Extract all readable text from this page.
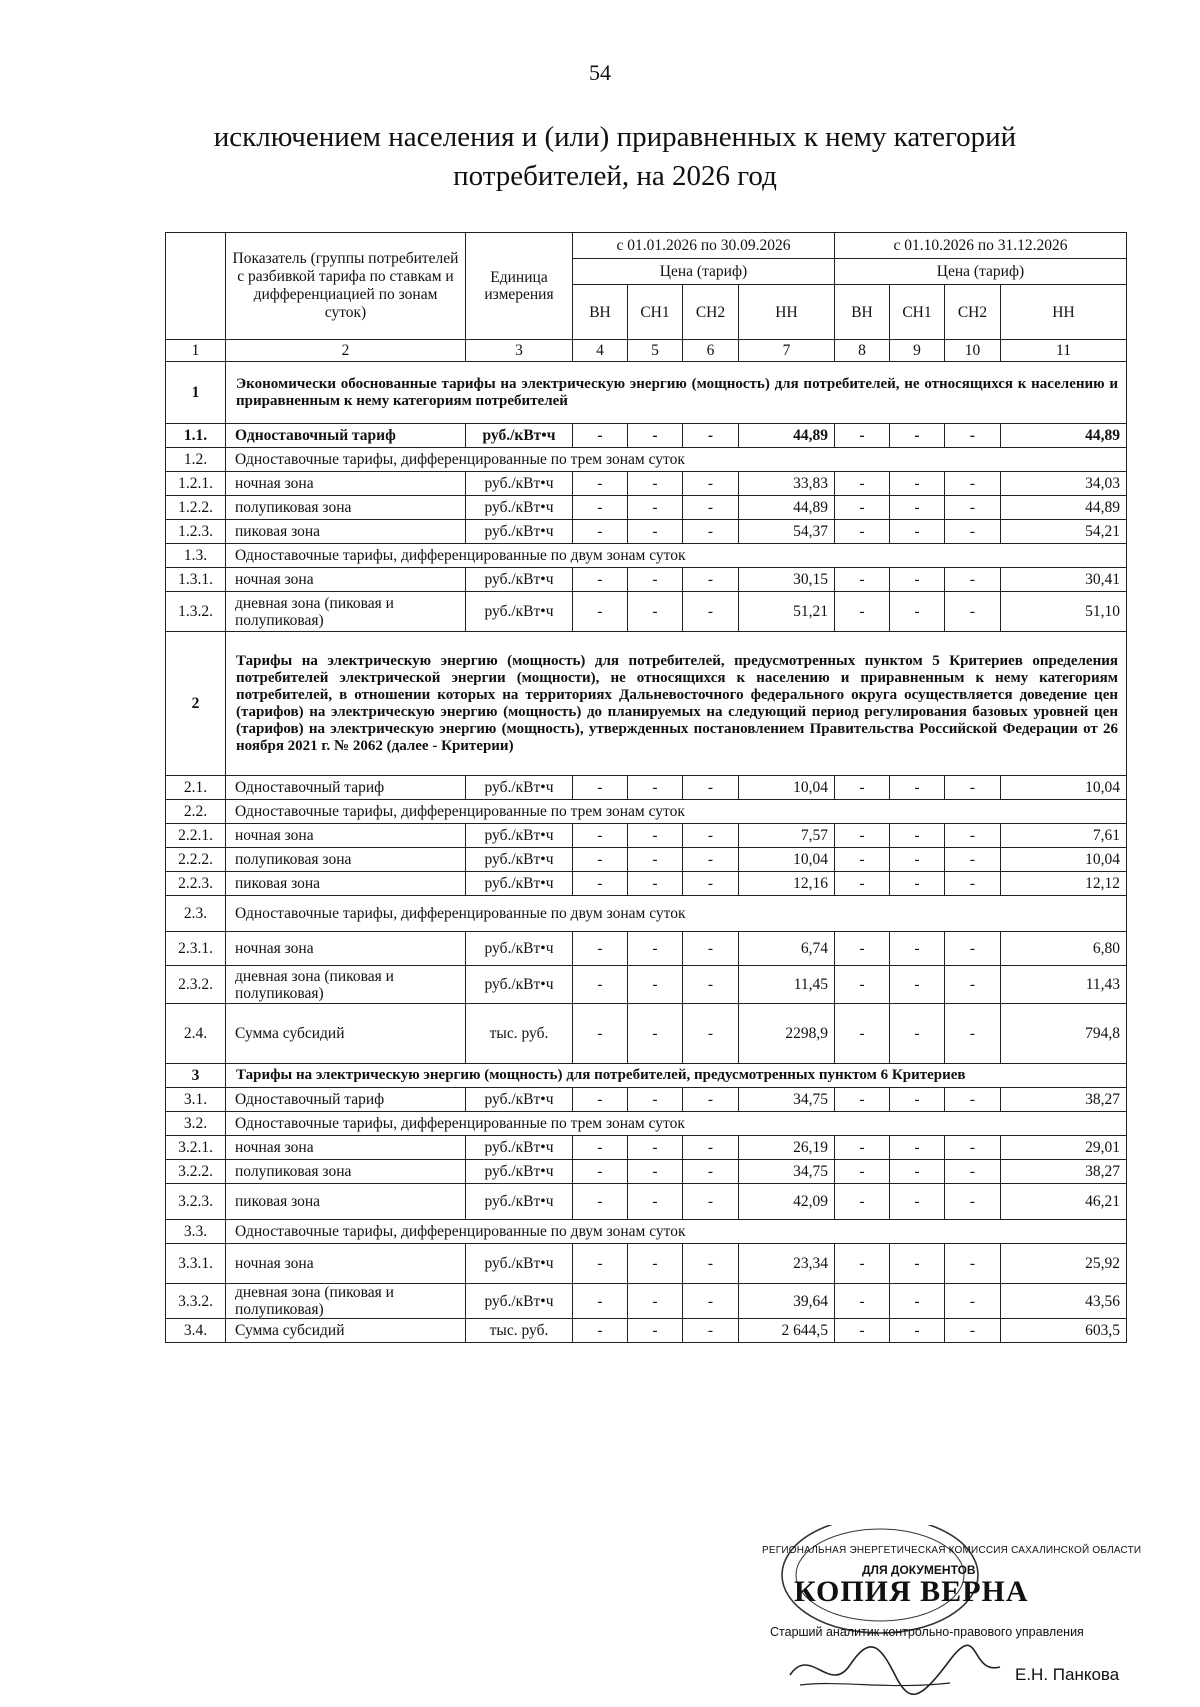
54
исключением населения и (или) приравненных к нему категорий
потребителей, на 2026 год
	Показатель (группы потребителей с разбивкой тарифа по ставкам и дифференциацией по зонам суток)	Единица измерения	с 01.01.2026 по 30.09.2026				с 01.10.2026 по 31.12.2026			
			Цена (тариф)				Цена (тариф)			
			ВН	СН1	СН2	НН	ВН	СН1	СН2	НН
1	2	3	4	5	6	7	8	9	10	11
1	Экономически обоснованные тарифы на электрическую энергию (мощность) для потребителей, не относящихся к населению и приравненным к нему категориям потребителей									
1.1.	Одноставочный тариф	руб./кВт•ч	-	-	-	44,89	-	-	-	44,89
1.2.	Одноставочные тарифы, дифференцированные по трем зонам суток									
1.2.1.	ночная зона	руб./кВт•ч	-	-	-	33,83	-	-	-	34,03
1.2.2.	полупиковая зона	руб./кВт•ч	-	-	-	44,89	-	-	-	44,89
1.2.3.	пиковая зона	руб./кВт•ч	-	-	-	54,37	-	-	-	54,21
1.3.	Одноставочные тарифы, дифференцированные по двум зонам суток									
1.3.1.	ночная зона	руб./кВт•ч	-	-	-	30,15	-	-	-	30,41
1.3.2.	дневная зона (пиковая и полупиковая)	руб./кВт•ч	-	-	-	51,21	-	-	-	51,10
2	Тарифы на электрическую энергию (мощность) для потребителей, предусмотренных пунктом 5 Критериев определения потребителей электрической энергии (мощности), не относящихся к населению и приравненным к нему категориям потребителей, в отношении которых на территориях Дальневосточного федерального округа осуществляется доведение цен (тарифов) на электрическую энергию (мощность) до планируемых на следующий период регулирования базовых уровней цен (тарифов) на электрическую энергию (мощность), утвержденных постановлением Правительства Российской Федерации от 26 ноября 2021 г. № 2062 (далее - Критерии)									
2.1.	Одноставочный тариф	руб./кВт•ч	-	-	-	10,04	-	-	-	10,04
2.2.	Одноставочные тарифы, дифференцированные по трем зонам суток									
2.2.1.	ночная зона	руб./кВт•ч	-	-	-	7,57	-	-	-	7,61
2.2.2.	полупиковая зона	руб./кВт•ч	-	-	-	10,04	-	-	-	10,04
2.2.3.	пиковая зона	руб./кВт•ч	-	-	-	12,16	-	-	-	12,12
2.3.	Одноставочные тарифы, дифференцированные по двум зонам суток									
2.3.1.	ночная зона	руб./кВт•ч	-	-	-	6,74	-	-	-	6,80
2.3.2.	дневная зона (пиковая и полупиковая)	руб./кВт•ч	-	-	-	11,45	-	-	-	11,43
2.4.	Сумма субсидий	тыс. руб.	-	-	-	2298,9	-	-	-	794,8
3	Тарифы на электрическую энергию (мощность) для потребителей, предусмотренных пунктом 6 Критериев									
3.1.	Одноставочный тариф	руб./кВт•ч	-	-	-	34,75	-	-	-	38,27
3.2.	Одноставочные тарифы, дифференцированные по трем зонам суток									
3.2.1.	ночная зона	руб./кВт•ч	-	-	-	26,19	-	-	-	29,01
3.2.2.	полупиковая зона	руб./кВт•ч	-	-	-	34,75	-	-	-	38,27
3.2.3.	пиковая зона	руб./кВт•ч	-	-	-	42,09	-	-	-	46,21
3.3.	Одноставочные тарифы, дифференцированные по двум зонам суток									
3.3.1.	ночная зона	руб./кВт•ч	-	-	-	23,34	-	-	-	25,92
3.3.2.	дневная зона (пиковая и полупиковая)	руб./кВт•ч	-	-	-	39,64	-	-	-	43,56
3.4.	Сумма субсидий	тыс. руб.	-	-	-	2 644,5	-	-	-	603,5
РЕГИОНАЛЬНАЯ ЭНЕРГЕТИЧЕСКАЯ КОМИССИЯ САХАЛИНСКОЙ ОБЛАСТИ
ДЛЯ ДОКУМЕНТОВ
КОПИЯ ВЕРНА
Старший аналитик контрольно-правового управления
Е.Н. Панкова
